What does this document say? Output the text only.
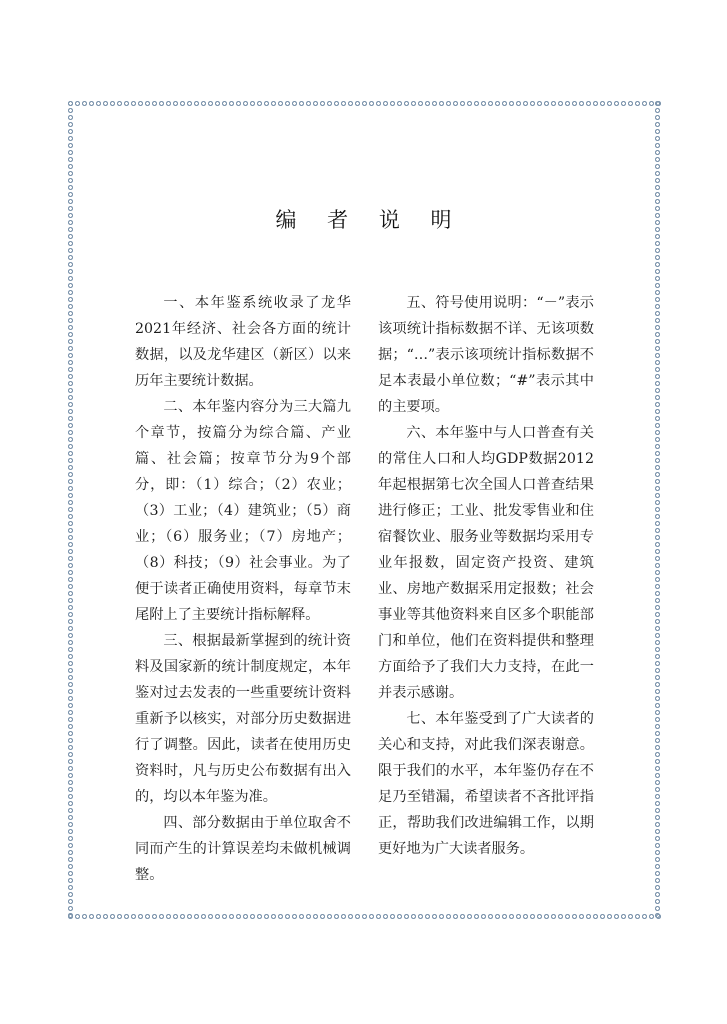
编 者 说 明

一、本年鉴系统收录了龙华2021年经济、社会各方面的统计数据，以及龙华建区（新区）以来历年主要统计数据。

二、本年鉴内容分为三大篇九个章节，按篇分为综合篇、产业篇、社会篇；按章节分为9个部分，即：（1）综合；（2）农业；（3）工业；（4）建筑业；（5）商业；（6）服务业；（7）房地产；（8）科技；（9）社会事业。为了便于读者正确使用资料，每章节末尾附上了主要统计指标解释。

三、根据最新掌握到的统计资料及国家新的统计制度规定，本年鉴对过去发表的一些重要统计资料重新予以核实，对部分历史数据进行了调整。因此，读者在使用历史资料时，凡与历史公布数据有出入的，均以本年鉴为准。

四、部分数据由于单位取舍不同而产生的计算误差均未做机械调整。

五、符号使用说明：“－”表示该项统计指标数据不详、无该项数据；“…”表示该项统计指标数据不足本表最小单位数；“#”表示其中的主要项。

六、本年鉴中与人口普查有关的常住人口和人均GDP数据2012年起根据第七次全国人口普查结果进行修正；工业、批发零售业和住宿餐饮业、服务业等数据均采用专业年报数，固定资产投资、建筑业、房地产数据采用定报数；社会事业等其他资料来自区多个职能部门和单位，他们在资料提供和整理方面给予了我们大力支持，在此一并表示感谢。

七、本年鉴受到了广大读者的关心和支持，对此我们深表谢意。限于我们的水平，本年鉴仍存在不足乃至错漏，希望读者不吝批评指正，帮助我们改进编辑工作，以期更好地为广大读者服务。
